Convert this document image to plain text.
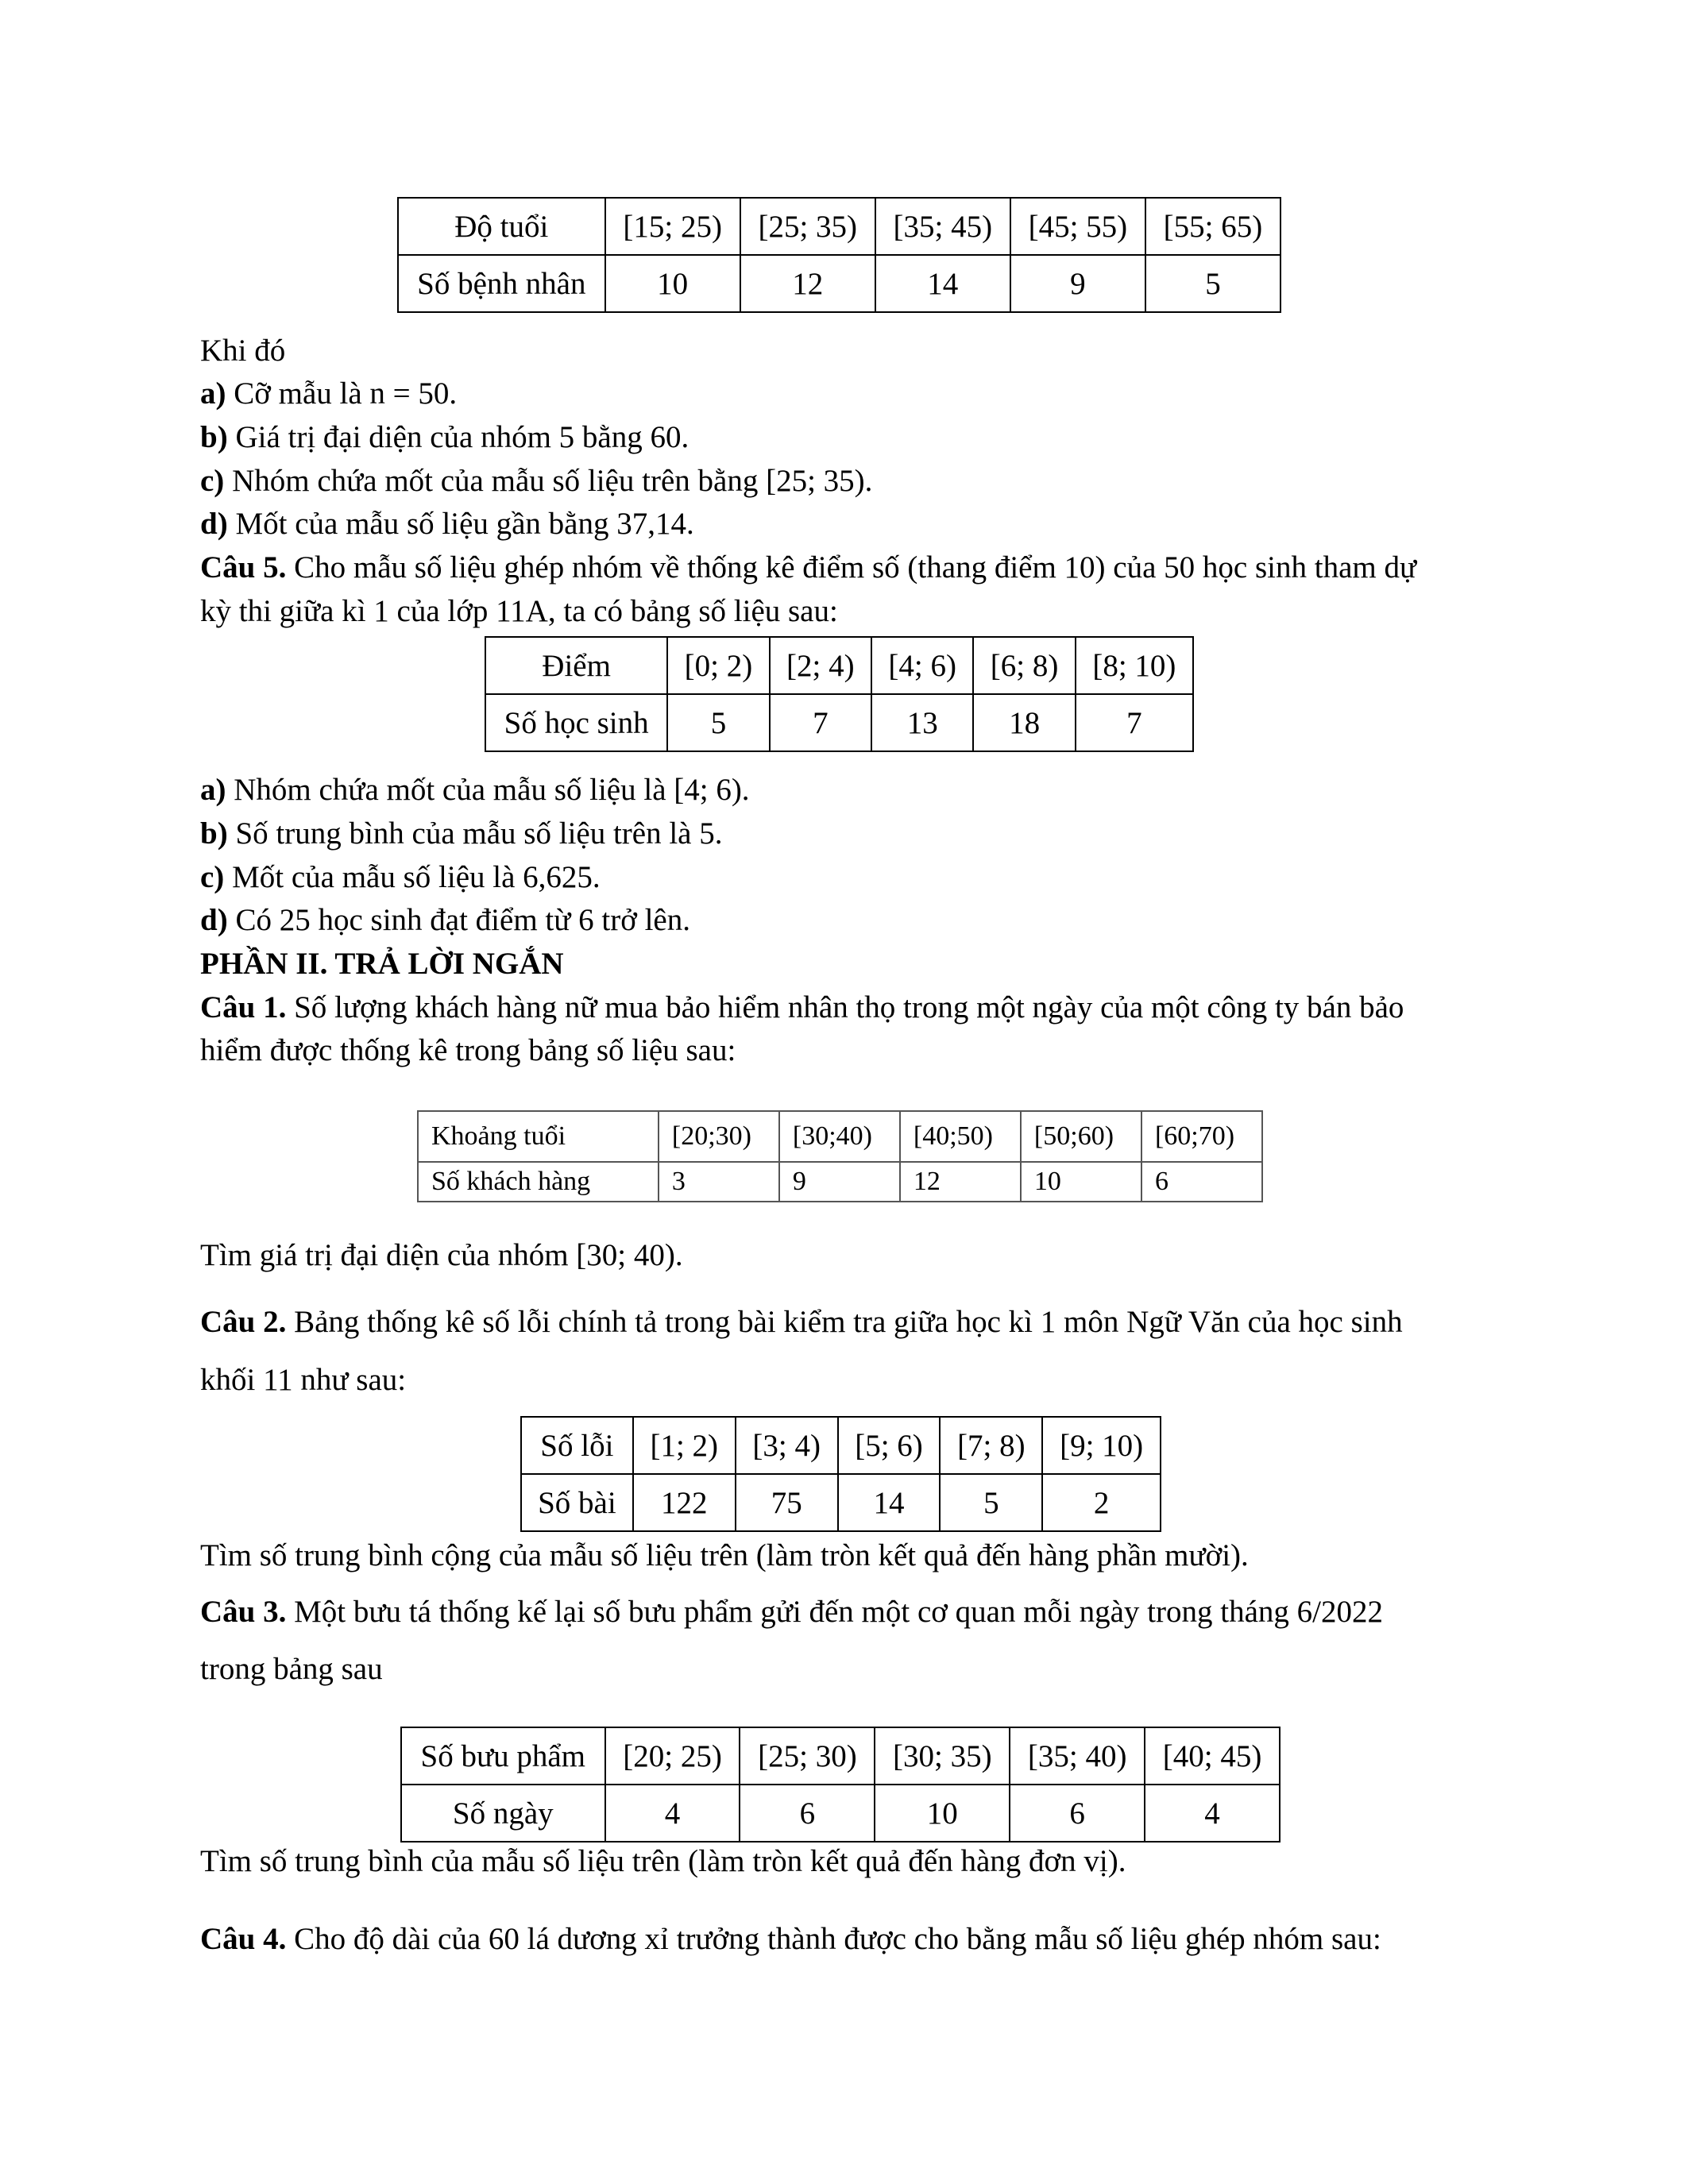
Độ tuổi	[15; 25)	[25; 35)	[35; 45)	[45; 55)	[55; 65)
Số bệnh nhân	10	12	14	9	5
Khi đó
a) Cỡ mẫu là n = 50.
b) Giá trị đại diện của nhóm 5 bằng 60.
c) Nhóm chứa mốt của mẫu số liệu trên bằng [25; 35).
d) Mốt của mẫu số liệu gần bằng 37,14.
Câu 5. Cho mẫu số liệu ghép nhóm về thống kê điểm số (thang điểm 10) của 50 học sinh tham dự
kỳ thi giữa kì 1 của lớp 11A, ta có bảng số liệu sau:
Điểm	[0; 2)	[2; 4)	[4; 6)	[6; 8)	[8; 10)
Số học sinh	5	7	13	18	7
a) Nhóm chứa mốt của mẫu số liệu là [4; 6).
b) Số trung bình của mẫu số liệu trên là 5.
c) Mốt của mẫu số liệu là 6,625.
d) Có 25 học sinh đạt điểm từ 6 trở lên.
PHẦN II. TRẢ LỜI NGẮN
Câu 1. Số lượng khách hàng nữ mua bảo hiểm nhân thọ trong một ngày của một công ty bán bảo
hiểm được thống kê trong bảng số liệu sau:
Khoảng tuổi	[20;30)	[30;40)	[40;50)	[50;60)	[60;70)
Số khách hàng	3	9	12	10	6
Tìm giá trị đại diện của nhóm [30; 40).
Câu 2. Bảng thống kê số lỗi chính tả trong bài kiểm tra giữa học kì 1 môn Ngữ Văn của học sinh
khối 11 như sau:
Số lỗi	[1; 2)	[3; 4)	[5; 6)	[7; 8)	[9; 10)
Số bài	122	75	14	5	2
Tìm số trung bình cộng của mẫu số liệu trên (làm tròn kết quả đến hàng phần mười).
Câu 3. Một bưu tá thống kế lại số bưu phẩm gửi đến một cơ quan mỗi ngày trong tháng 6/2022
trong bảng sau
Số bưu phẩm	[20; 25)	[25; 30)	[30; 35)	[35; 40)	[40; 45)
Số ngày	4	6	10	6	4
Tìm số trung bình của mẫu số liệu trên (làm tròn kết quả đến hàng đơn vị).
Câu 4. Cho độ dài của 60 lá dương xỉ trưởng thành được cho bằng mẫu số liệu ghép nhóm sau:
